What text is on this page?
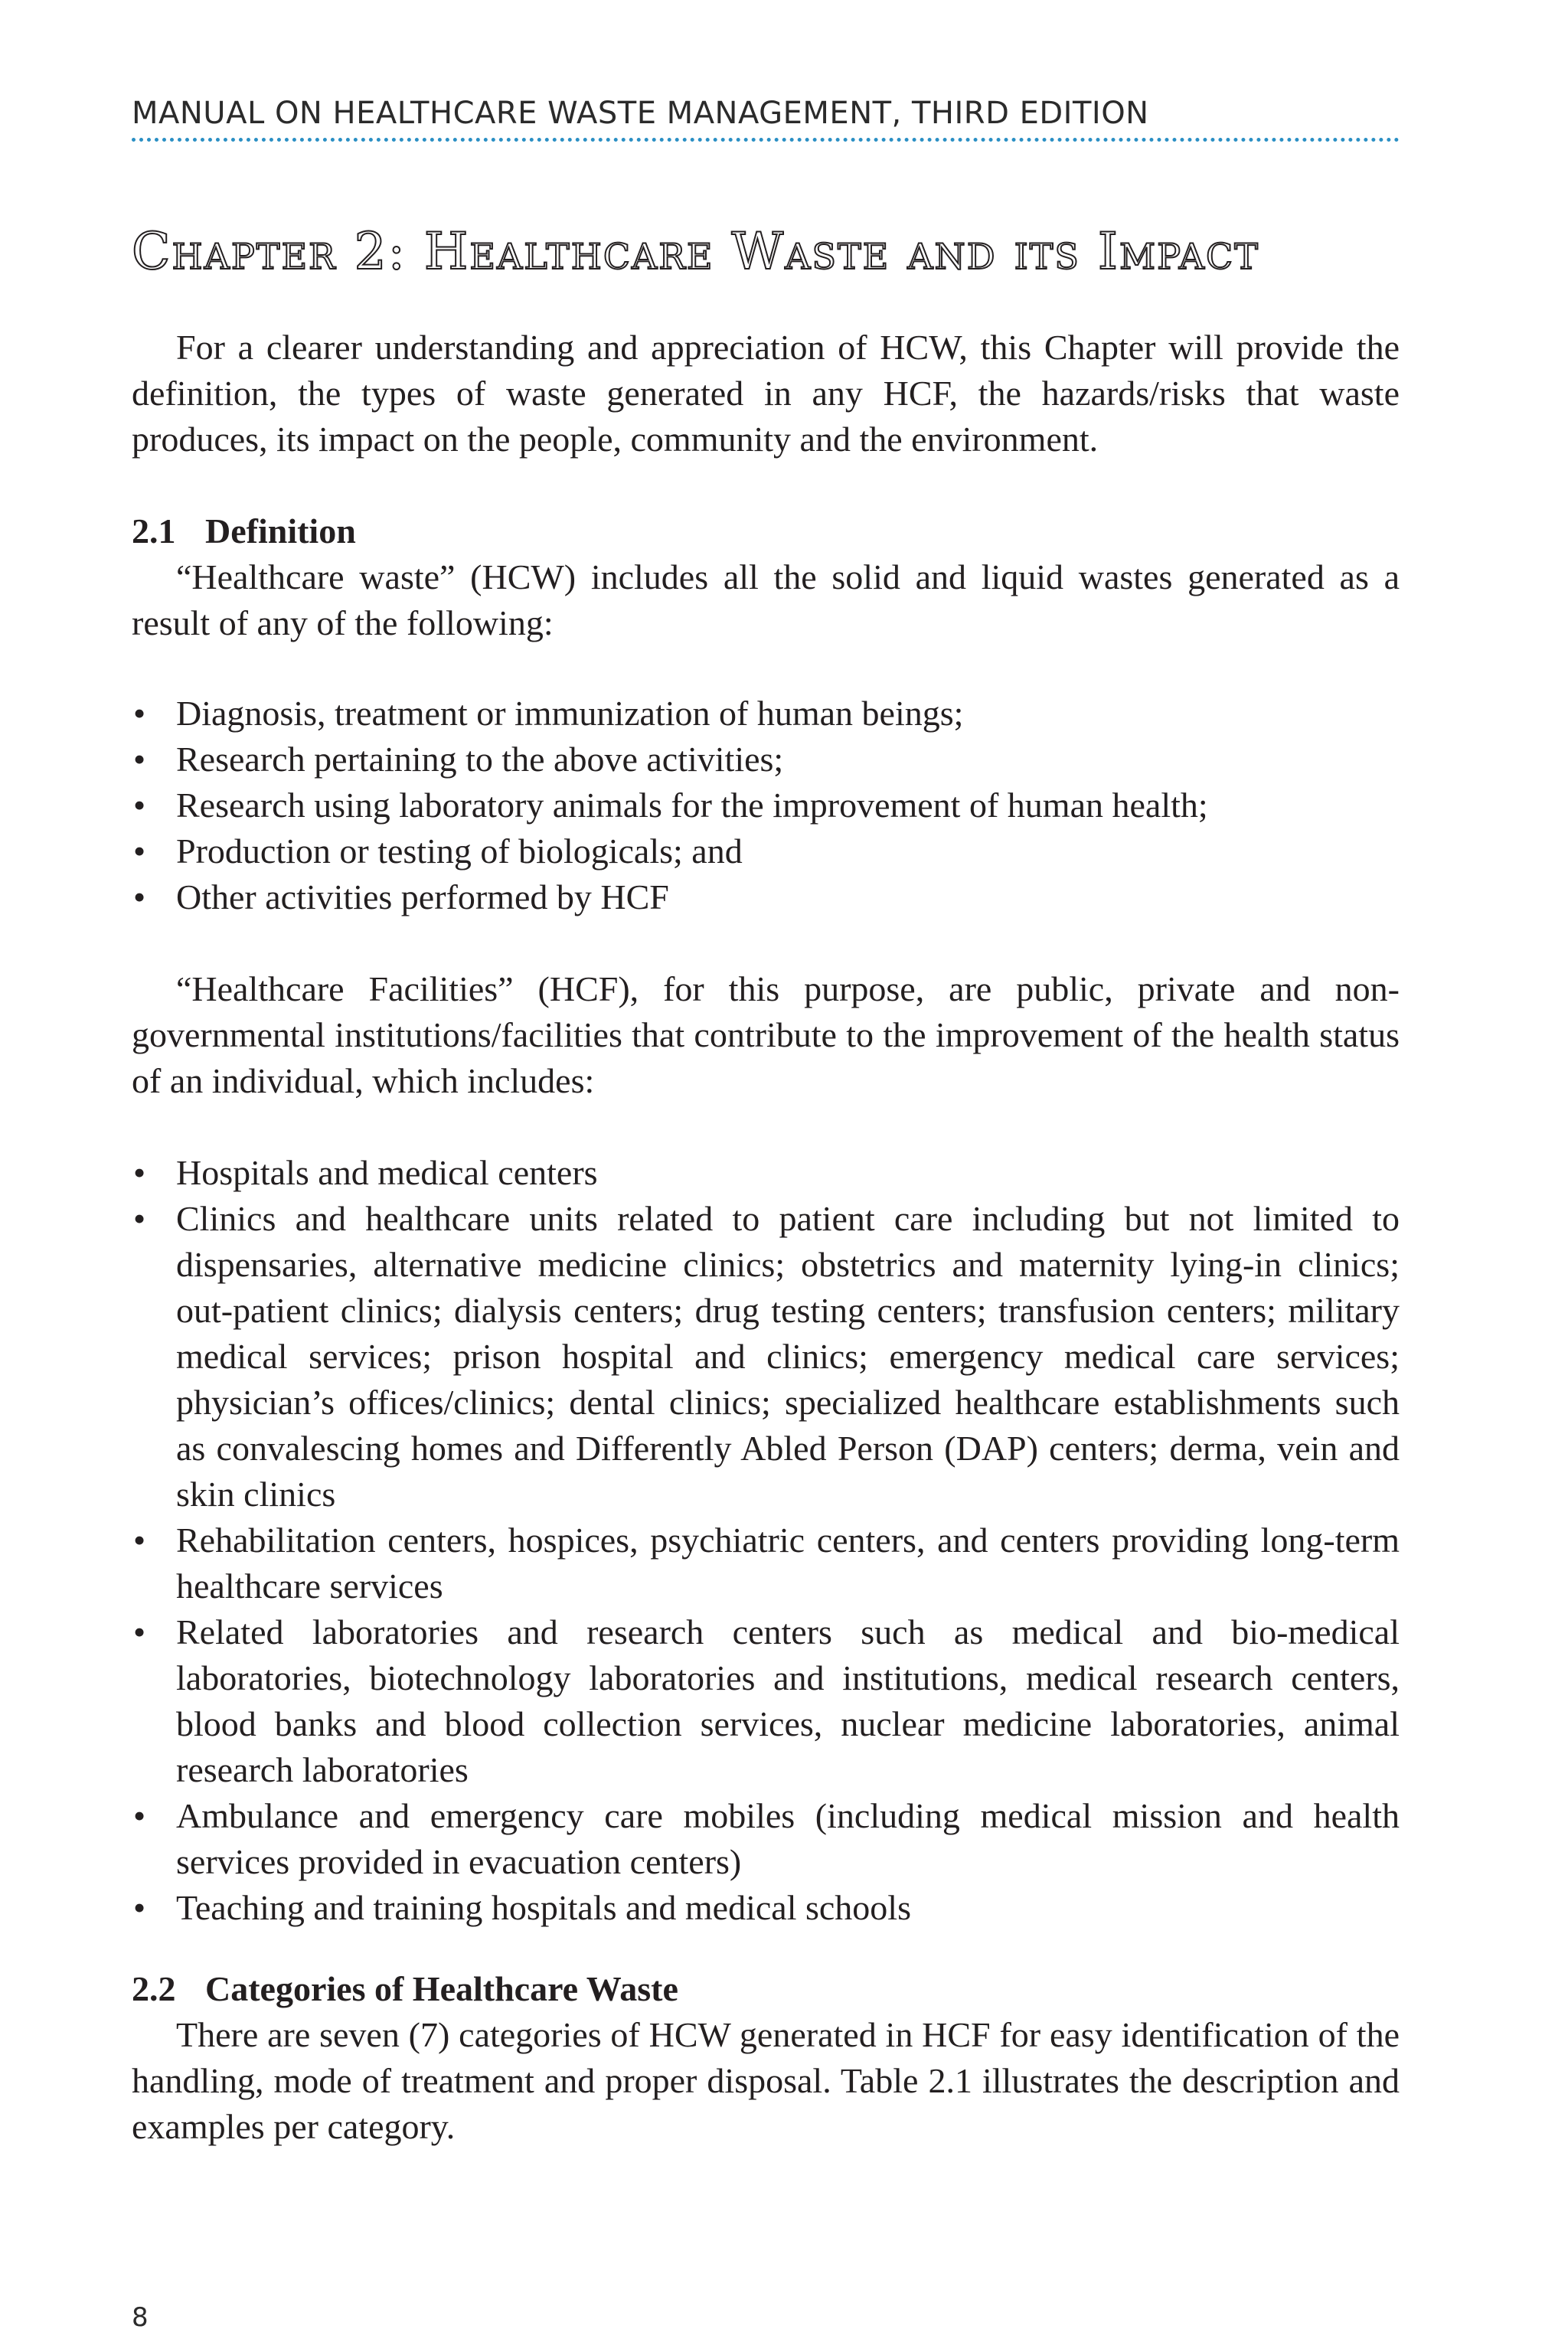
MANUAL ON HEALTHCARE WASTE MANAGEMENT, THIRD EDITION
Chapter 2: Healthcare Waste and its Impact

For a clearer understanding and appreciation of HCW, this Chapter will provide the definition, the types of waste generated in any HCF, the hazards/risks that waste produces, its impact on the people, community and the environment.

2.1 Definition

“Healthcare waste” (HCW) includes all the solid and liquid wastes generated as a result of any of the following:

• Diagnosis, treatment or immunization of human beings;
• Research pertaining to the above activities;
• Research using laboratory animals for the improvement of human health;
• Production or testing of biologicals; and
• Other activities performed by HCF

“Healthcare Facilities” (HCF), for this purpose, are public, private and non-governmental institutions/facilities that contribute to the improvement of the health status of an individual, which includes:

• Hospitals and medical centers
• Clinics and healthcare units related to patient care including but not limited to dispensaries, alternative medicine clinics; obstetrics and maternity lying-in clinics; out-patient clinics; dialysis centers; drug testing centers; transfusion centers; military medical services; prison hospital and clinics; emergency medical care services; physician’s offices/clinics; dental clinics; specialized healthcare establishments such as convalescing homes and Differently Abled Person (DAP) centers; derma, vein and skin clinics
• Rehabilitation centers, hospices, psychiatric centers, and centers providing long-term healthcare services
• Related laboratories and research centers such as medical and bio-medical laboratories, biotechnology laboratories and institutions, medical research centers, blood banks and blood collection services, nuclear medicine laboratories, animal research laboratories
• Ambulance and emergency care mobiles (including medical mission and health services provided in evacuation centers)
• Teaching and training hospitals and medical schools
2.2 Categories of Healthcare Waste

There are seven (7) categories of HCW generated in HCF for easy identification of the handling, mode of treatment and proper disposal. Table 2.1 illustrates the description and examples per category.

8
